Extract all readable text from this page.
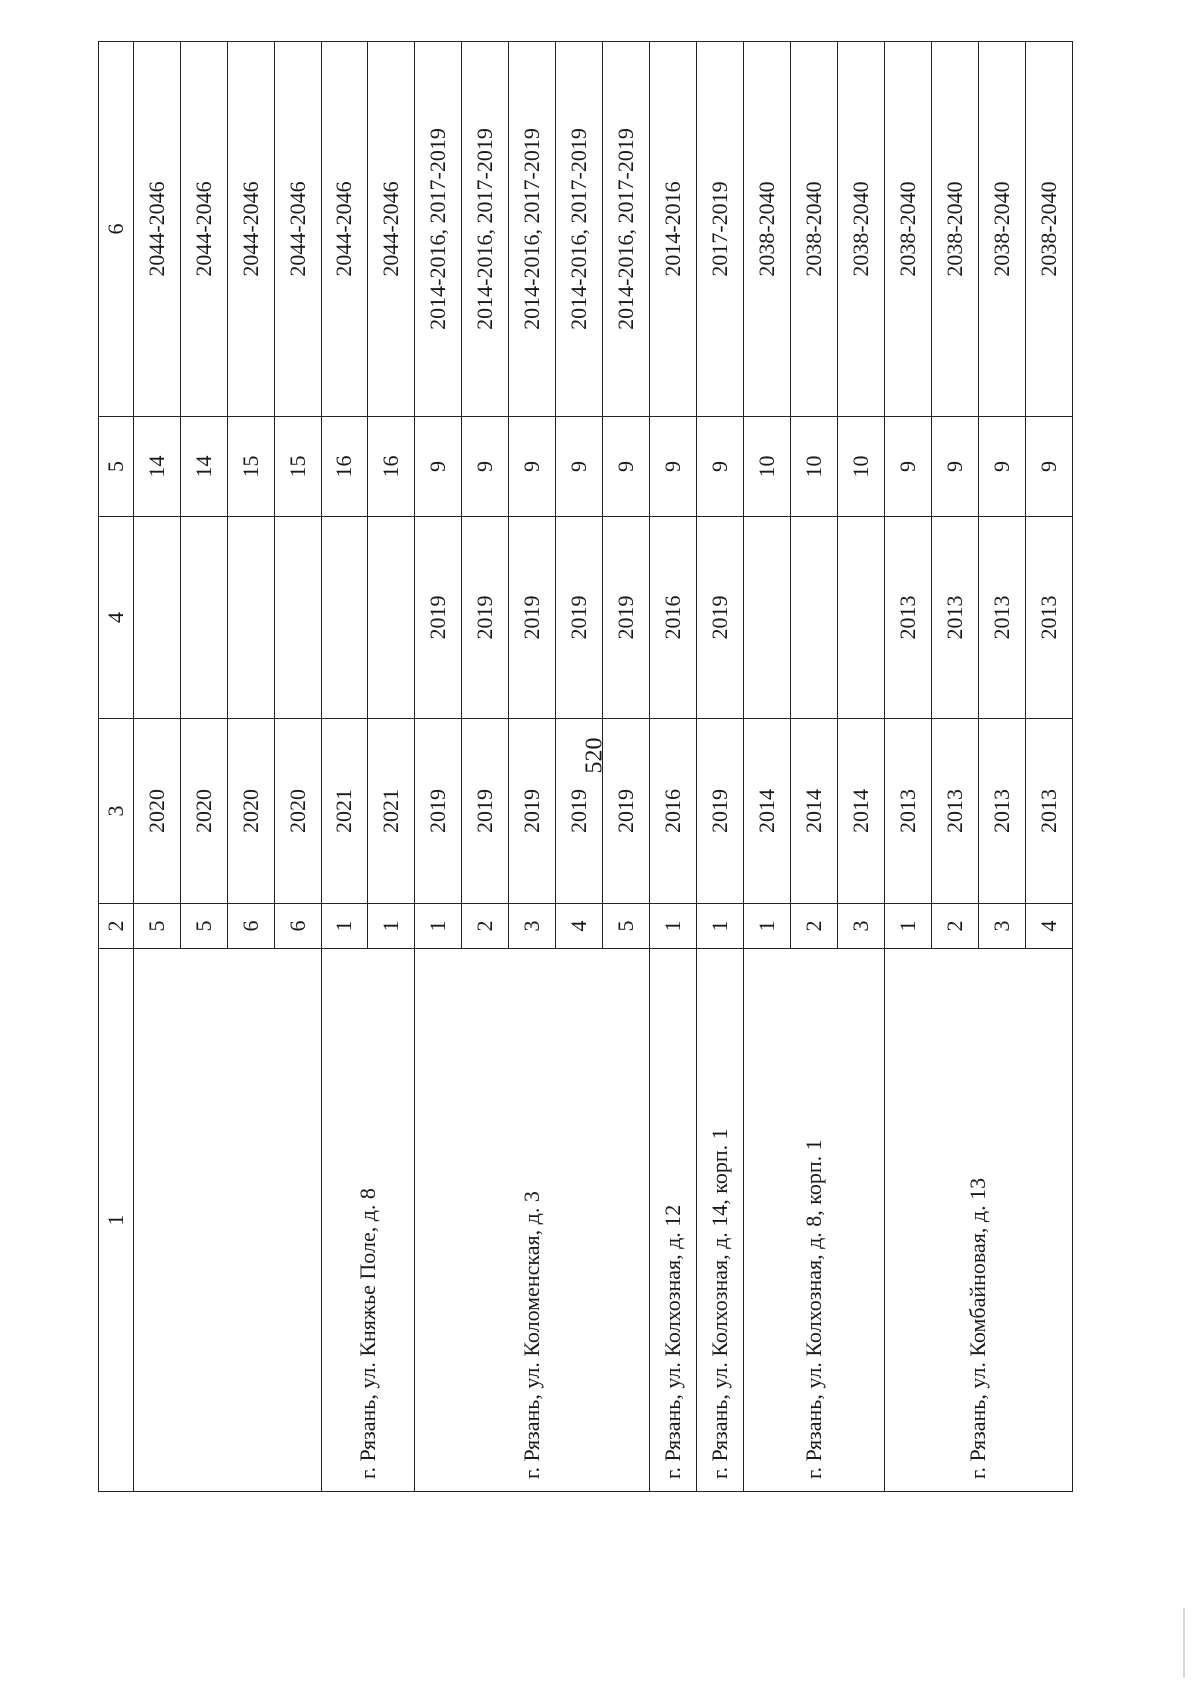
520
1	2	3	4	5	6
	5	2020		14	2044-2046
	5	2020		14	2044-2046
	6	2020		15	2044-2046
	6	2020		15	2044-2046
г. Рязань, ул. Княжье Поле, д. 8	1	2021		16	2044-2046
	1	2021		16	2044-2046
г. Рязань, ул. Коломенская, д. 3	1	2019	2019	9	2014-2016, 2017-2019
	2	2019	2019	9	2014-2016, 2017-2019
	3	2019	2019	9	2014-2016, 2017-2019
	4	2019	2019	9	2014-2016, 2017-2019
	5	2019	2019	9	2014-2016, 2017-2019
г. Рязань, ул. Колхозная, д. 12	1	2016	2016	9	2014-2016
г. Рязань, ул. Колхозная, д. 14, корп. 1	1	2019	2019	9	2017-2019
г. Рязань, ул. Колхозная, д. 8, корп. 1	1	2014		10	2038-2040
	2	2014		10	2038-2040
	3	2014		10	2038-2040
г. Рязань, ул. Комбайновая, д. 13	1	2013	2013	9	2038-2040
	2	2013	2013	9	2038-2040
	3	2013	2013	9	2038-2040
	4	2013	2013	9	2038-2040
